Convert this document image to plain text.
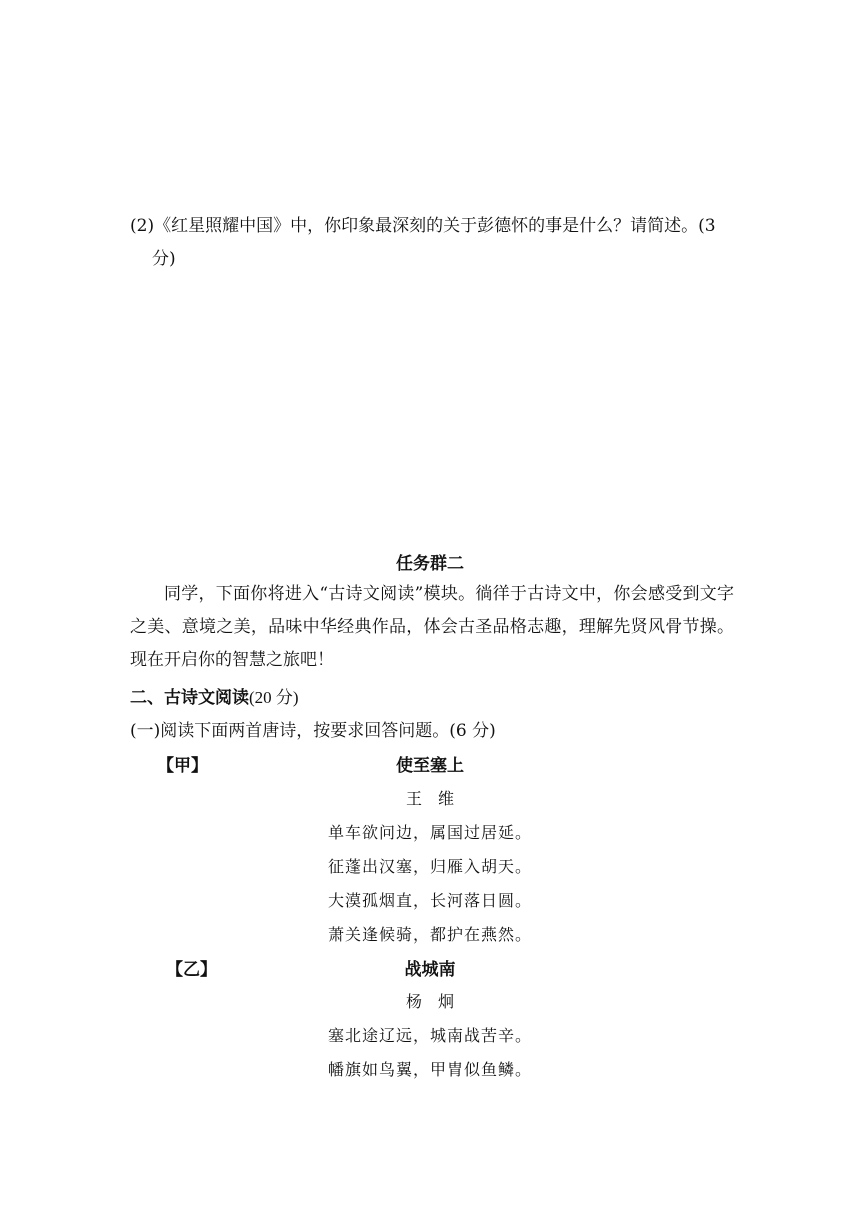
(2)《红星照耀中国》中，你印象最深刻的关于彭德怀的事是什么？请简述。(3
分)
任务群二

同学，下面你将进入“古诗文阅读”模块。徜徉于古诗文中，你会感受到文字之美、意境之美，品味中华经典作品，体会古圣品格志趣，理解先贤风骨节操。现在开启你的智慧之旅吧！

二、古诗文阅读(20 分)
(一)阅读下面两首唐诗，按要求回答问题。(6 分)
【甲】	使至塞上
王　维
单车欲问边，属国过居延。
征蓬出汉塞，归雁入胡天。
大漠孤烟直，长河落日圆。
萧关逢候骑，都护在燕然。
【乙】	战城南
杨　炯
塞北途辽远，城南战苦辛。
幡旗如鸟翼，甲胄似鱼鳞。
